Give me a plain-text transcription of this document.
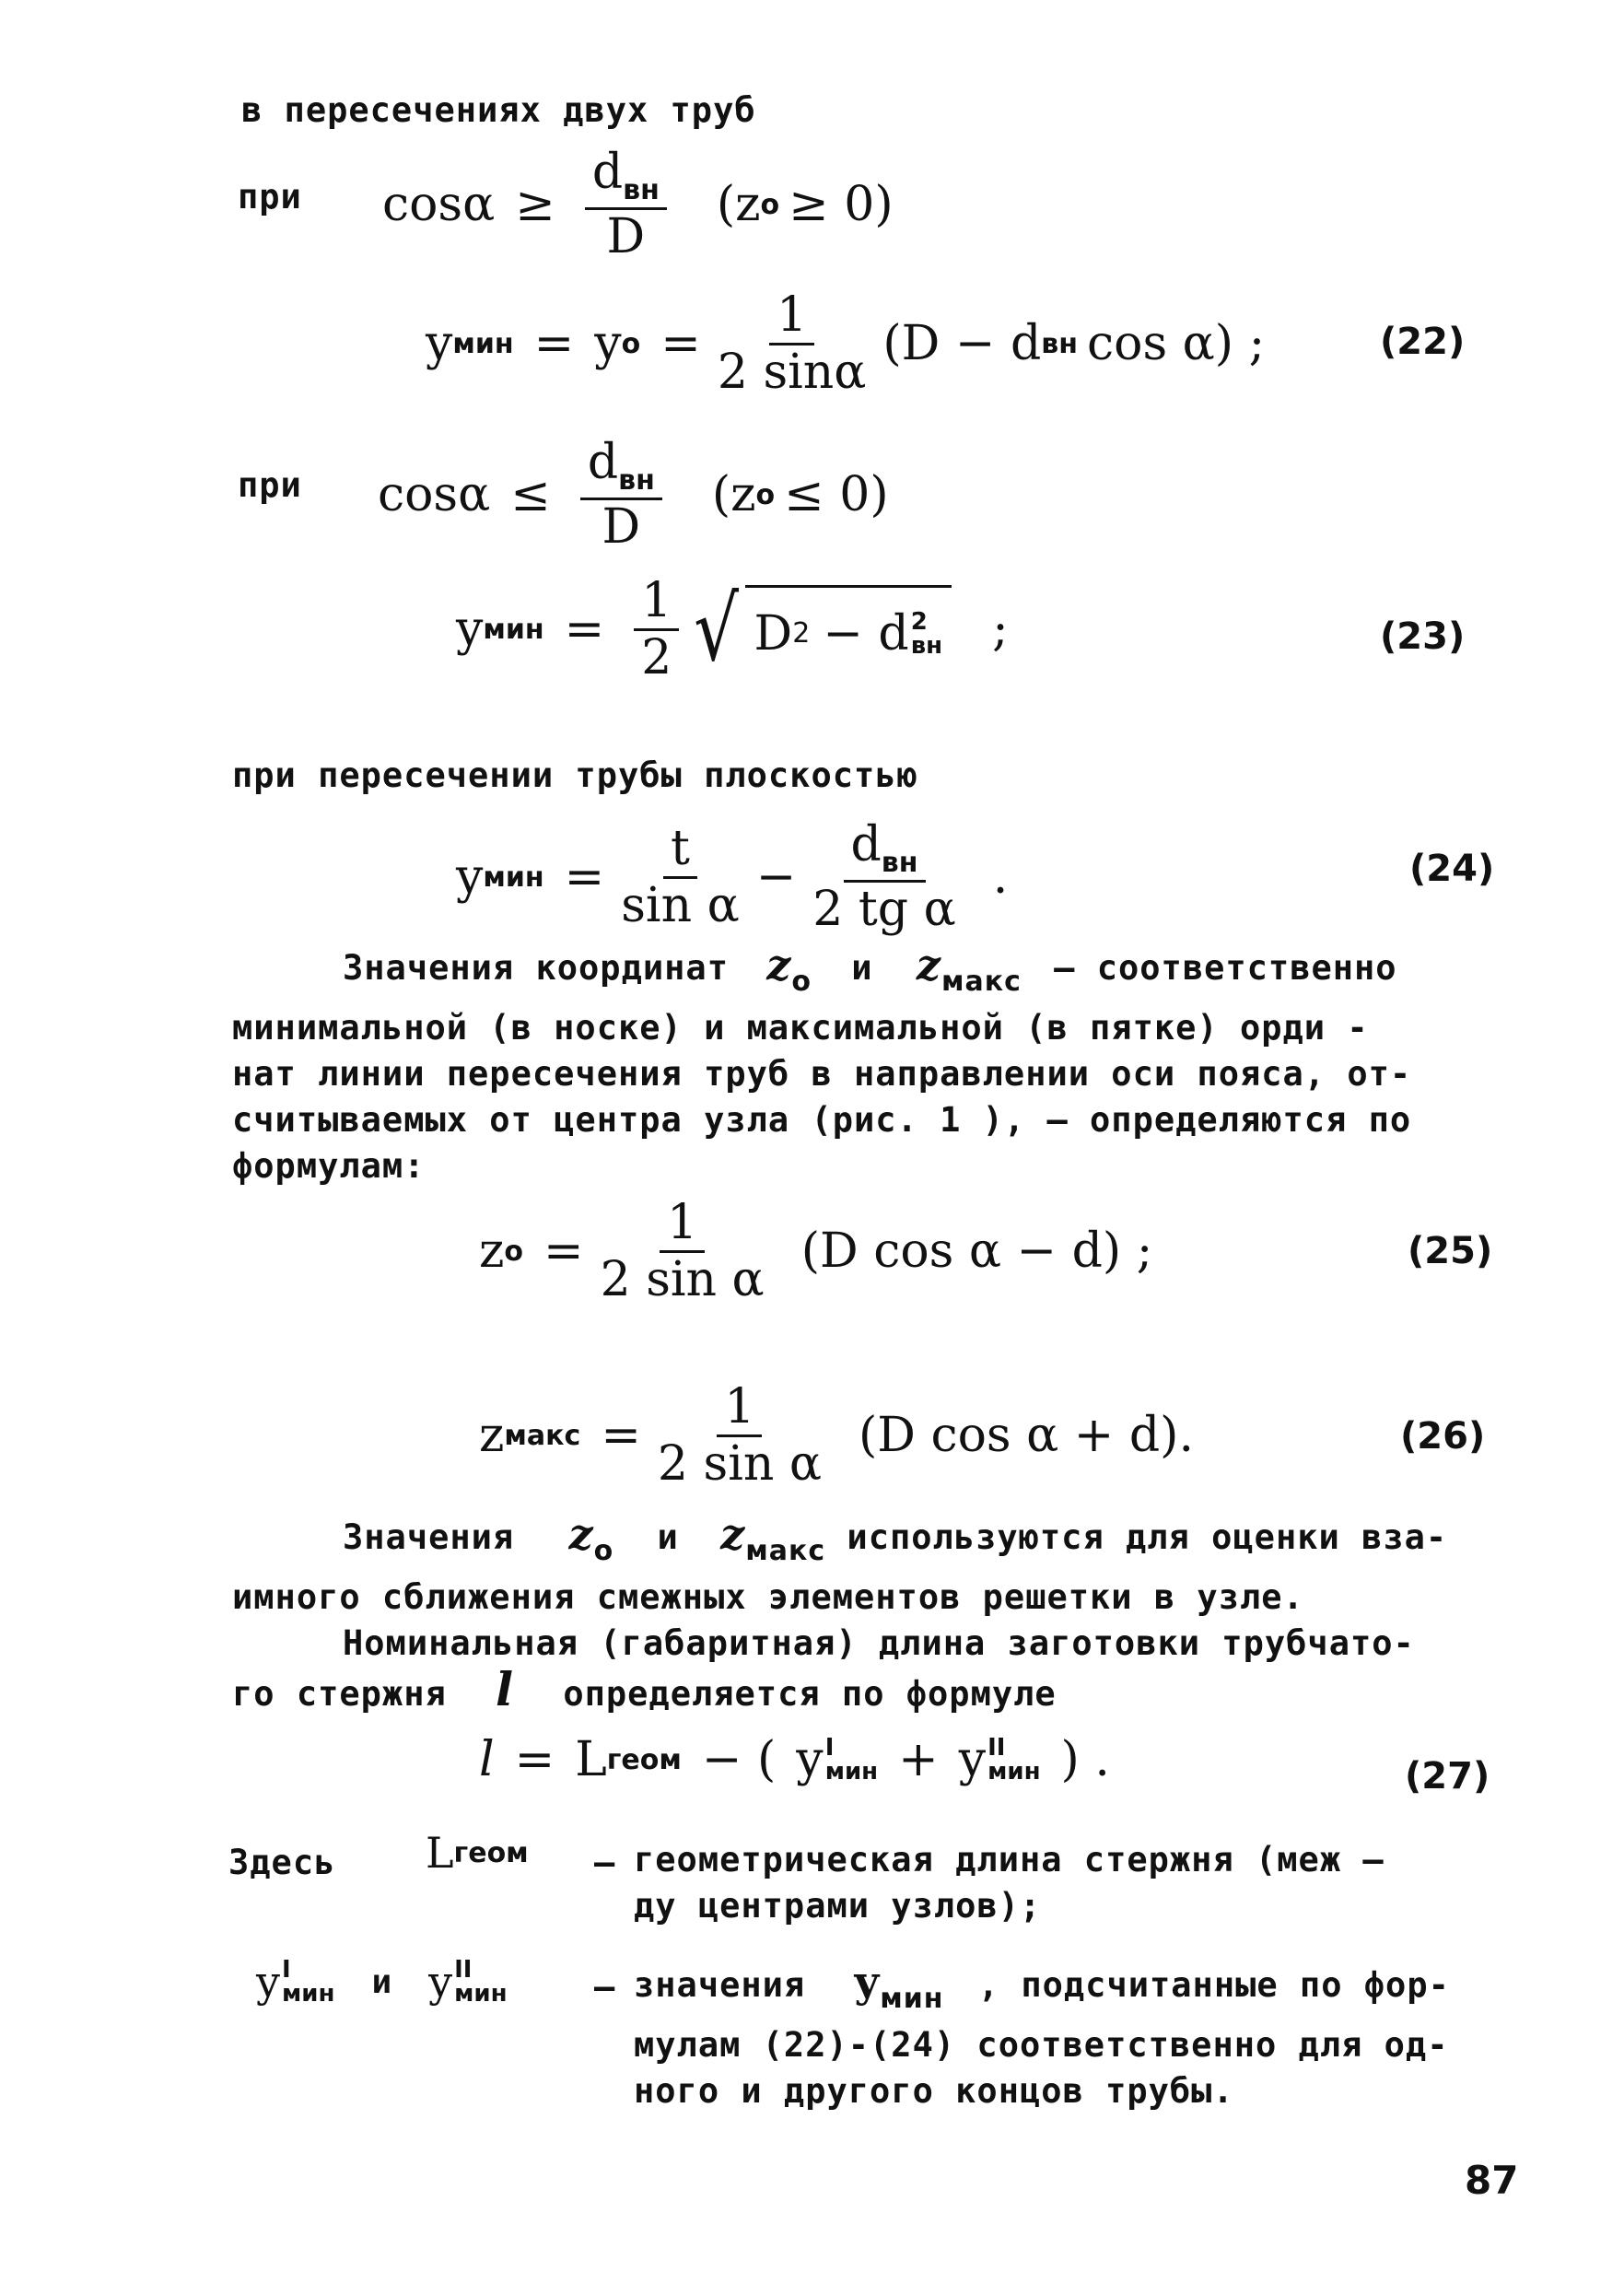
в пересечениях двух труб
при $\cos \alpha \ge \frac{d_{вн}}{D} (z$ o ≥ 0)
y мин = y $o = \frac{1}{2 \sin\alpha} (D - d$ вн cos α) ;	(22)
при $\cos \alpha \le \frac{d_{вн}}{D} (z$ o ≤ 0)
y мин = $\frac{1}{2}$ √ D 2 − d 2
вн ;	(23)
при пересечении трубы плоскостью
y мин = $\frac{t}{\text{sin α}} - \frac{d_{вн}}{\text{2 tg α}}$ .	(24)
Значения координат $z_o$ и $z_{макс}$ – соответственно
минимальной (в носке) и максимальной (в пятке) орди -
нат линии пересечения труб в направлении оси пояса, от-
считываемых от центра узла (рис. 1 ), – определяются по
формулам:
z $o = \frac{1}{\text{2 sin α}} (D$ cos α − d) ;	(25)
z макс = $\frac{1}{\text{2 sin α}} (D$ cos α + d).	(26)
Значения $z_o$ и $z_{макс}$ используются для оценки вза-
имного сближения смежных элементов решетки в узле.
Номинальная (габаритная) длина заготовки трубчато-
го стержня l определяется по формуле
l = L геом − ( y I
мин + y II
мин ) .	(27)
Здесь L геом – геометрическая длина стержня (меж –
ду центрами узлов);
y I
мин и y II
мин	– значения $y_{мин}$ , подсчитанные по фор-
мулам (22)-(24) соответственно для од-
ного и другого концов трубы.
87
